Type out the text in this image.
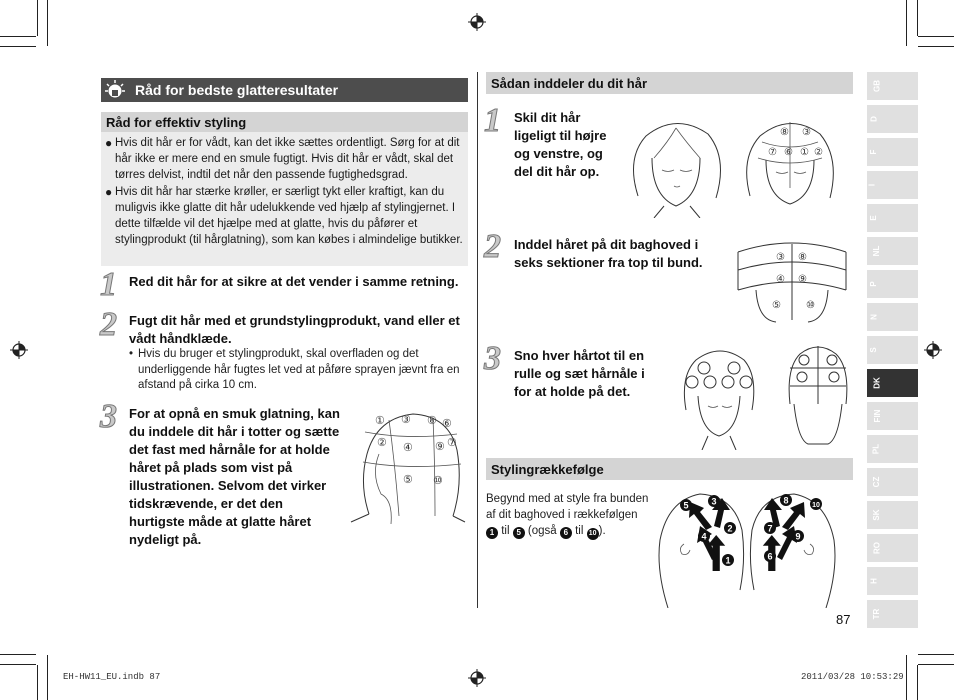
Råd for bedste glatteresultater
Råd for effektiv styling
● Hvis dit hår er for vådt, kan det ikke sættes ordentligt. Sørg for at dit hår ikke er mere end en smule fugtigt. Hvis dit hår er vådt, skal det tørres delvist, indtil det når den passende fugtighedsgrad.
● Hvis dit hår har stærke krøller, er særligt tykt eller kraftigt, kan du muligvis ikke glatte dit hår udelukkende ved hjælp af stylingjernet. I dette tilfælde vil det hjælpe med at glatte, hvis du påfører et stylingprodukt (til hårglatning), som kan købes i almindelige butikker.
1 Red dit hår for at sikre at det vender i samme retning.
2 Fugt dit hår med et grundstylingprodukt, vand eller et vådt håndklæde.
• Hvis du bruger et stylingprodukt, skal overfladen og det underliggende hår fugtes let ved at påføre sprayen jævnt fra en afstand på cirka 10 cm.
3 For at opnå en smuk glatning, kan du inddele dit hår i totter og sætte det fast med hårnåle for at holde håret på plads som vist på illustrationen. Selvom det virker tidskrævende, er det den hurtigste måde at glatte håret nydeligt på.
① ③ ⑧ ⑥
② ④ ⑨ ⑦
⑤ ⑩
Sådan inddeler du dit hår
1 Skil dit hår ligeligt til højre og venstre, og del dit hår op.
⑧ ③
⑦ ⑥ ① ②
2 Inddel håret på dit baghoved i seks sektioner fra top til bund.	③ ⑧
④ ⑨
⑤	⑩
3 Sno hver hårtot til en rulle og sæt hårnåle i for at holde på det.
Stylingrækkefølge
Begynd med at style fra bunden af dit baghoved i rækkefølgen 1 til 5 (også 6 til 10 ).
5	3
2
4
1
8	10
7
9
6
87
GB
D
F
I
E
NL
P
N
S
DK
FIN
PL
CZ
SK
RO
H
TR
EH-HW11_EU.indb 87	2011/03/28 10:53:29
